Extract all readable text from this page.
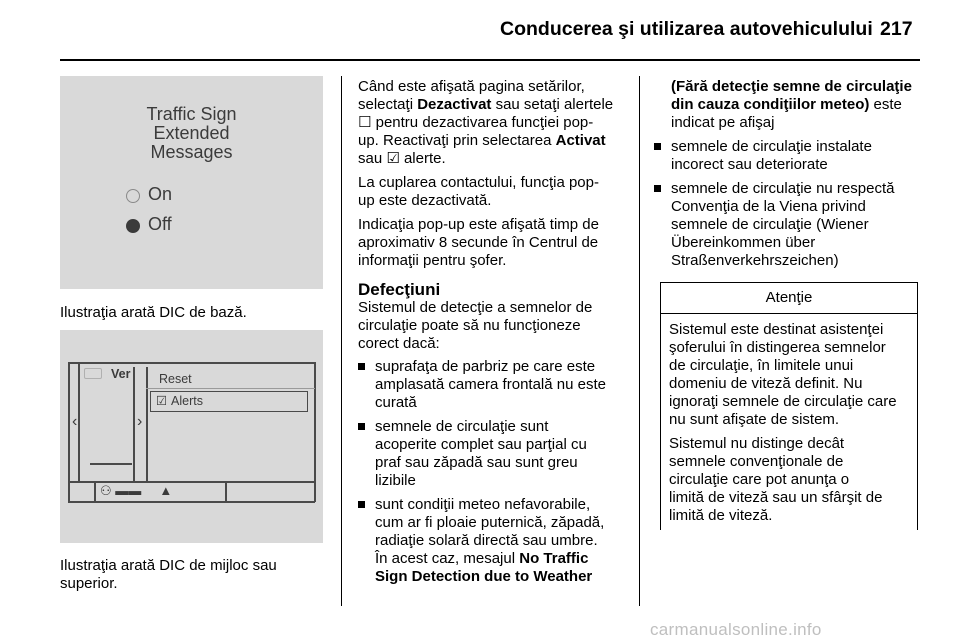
Conducerea şi utilizarea autovehiculului 217
Traffic Sign
Extended
Messages
On
Off
Ilustraţia arată DIC de bază.
‹	›
Ver Reset
☑ Alerts
⚇ ▬▬     ▲

Ilustraţia arată DIC de mijloc sau

superior.

Când este afişată pagina setărilor,

selectaţi Dezactivat sau setaţi alertele

☐ pentru dezactivarea funcţiei pop-

up. Reactivaţi prin selectarea Activat

sau ☑ alerte.

La cuplarea contactului, funcţia pop-

up este dezactivată.

Indicaţia pop-up este afişată timp de

aproximativ 8 secunde în Centrul de

informaţii pentru şofer.

Defecţiuni

Sistemul de detecţie a semnelor de

circulaţie poate să nu funcţioneze

corect dacă:

suprafaţa de parbriz pe care este

amplasată camera frontală nu este

curată

semnele de circulaţie sunt

acoperite complet sau parţial cu

praf sau zăpadă sau sunt greu

lizibile

sunt condiţii meteo nefavorabile,

cum ar fi ploaie puternică, zăpadă,

radiaţie solară directă sau umbre.

În acest caz, mesajul No Traffic

Sign Detection due to Weather

(Fără detecţie semne de circulaţie

din cauza condiţiilor meteo) este

indicat pe afişaj

semnele de circulaţie instalate

incorect sau deteriorate

semnele de circulaţie nu respectă

Convenţia de la Viena privind

semnele de circulaţie (Wiener

Übereinkommen über

Straßenverkehrszeichen)

Atenţie

Sistemul este destinat asistenţei

şoferului în distingerea semnelor

de circulaţie, în limitele unui

domeniu de viteză definit. Nu

ignoraţi semnele de circulaţie care

nu sunt afişate de sistem.

Sistemul nu distinge decât

semnele convenţionale de

circulaţie care pot anunţa o

limită de viteză sau un sfârşit de

limită de viteză.

carmanualsonline.info
